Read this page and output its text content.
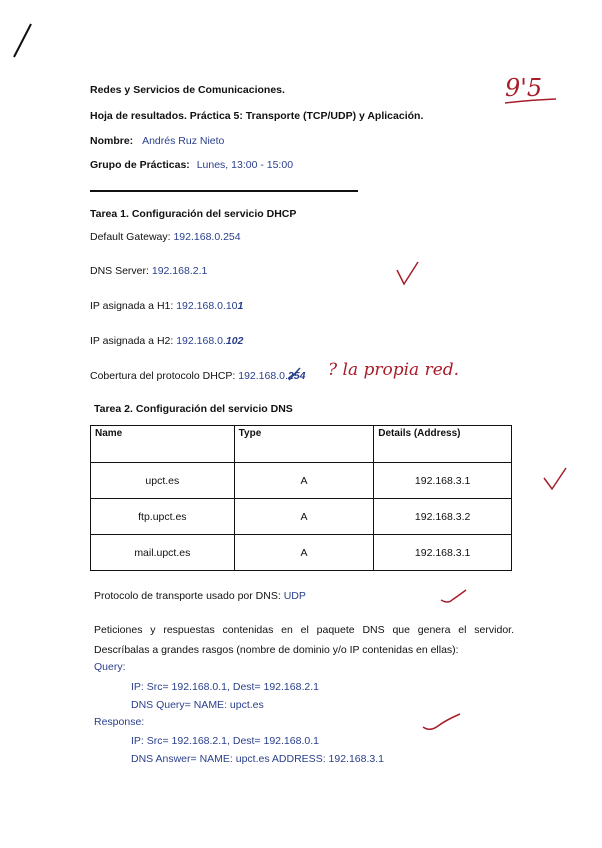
9'5
Redes y Servicios de Comunicaciones.
Hoja de resultados. Práctica 5: Transporte (TCP/UDP) y Aplicación.
Nombre: Andrés Ruz Nieto
Grupo de Prácticas: Lunes, 13:00 - 15:00
Tarea 1. Configuración del servicio DHCP
Default Gateway: 192.168.0.254
DNS Server: 192.168.2.1
IP asignada a H1: 192.168.0.101
IP asignada a H2: 192.168.0.102
Cobertura del protocolo DHCP: 192.168.0.254 ? la propia red.
Tarea 2. Configuración del servicio DNS
Name	Type	Details (Address)
upct.es	A	192.168.3.1
ftp.upct.es	A	192.168.3.2
mail.upct.es	A	192.168.3.1
Protocolo de transporte usado por DNS: UDP
Peticiones y respuestas contenidas en el paquete DNS que genera el servidor. Descríbalas a grandes rasgos (nombre de dominio y/o IP contenidas en ellas):
Query:
IP: Src= 192.168.0.1, Dest= 192.168.2.1
DNS Query= NAME: upct.es
Response:
IP: Src= 192.168.2.1, Dest= 192.168.0.1
DNS Answer= NAME: upct.es ADDRESS: 192.168.3.1
